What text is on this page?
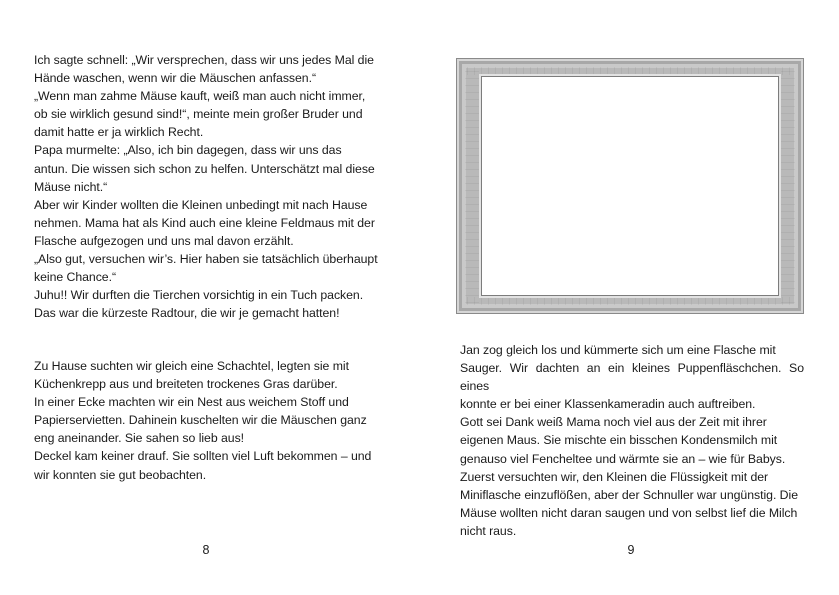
Ich sagte schnell: „Wir versprechen, dass wir uns jedes Mal die

Hände waschen, wenn wir die Mäuschen anfassen.“

„Wenn man zahme Mäuse kauft, weiß man auch nicht immer,

ob sie wirklich gesund sind!“, meinte mein großer Bruder und

damit hatte er ja wirklich Recht.

Papa murmelte: „Also, ich bin dagegen, dass wir uns das

antun. Die wissen sich schon zu helfen. Unterschätzt mal diese

Mäuse nicht.“

Aber wir Kinder wollten die Kleinen unbedingt mit nach Hause

nehmen. Mama hat als Kind auch eine kleine Feldmaus mit der

Flasche aufgezogen und uns mal davon erzählt.

„Also gut, versuchen wir’s. Hier haben sie tatsächlich überhaupt

keine Chance.“

Juhu!! Wir durften die Tierchen vorsichtig in ein Tuch packen.

Das war die kürzeste Radtour, die wir je gemacht hatten!

Zu Hause suchten wir gleich eine Schachtel, legten sie mit

Küchenkrepp aus und breiteten trockenes Gras darüber.

In einer Ecke machten wir ein Nest aus weichem Stoff und

Papierservietten. Dahinein kuschelten wir die Mäuschen ganz

eng aneinander. Sie sahen so lieb aus!

Deckel kam keiner drauf. Sie sollten viel Luft bekommen – und

wir konnten sie gut beobachten.

8

Jan zog gleich los und kümmerte sich um eine Flasche mit

Sauger. Wir dachten an ein kleines Puppenfläschchen. So eines

konnte er bei einer Klassenkameradin auch auftreiben.

Gott sei Dank weiß Mama noch viel aus der Zeit mit ihrer

eigenen Maus. Sie mischte ein bisschen Kondensmilch mit

genauso viel Fencheltee und wärmte sie an – wie für Babys.

Zuerst versuchten wir, den Kleinen die Flüssigkeit mit der

Miniflasche einzuflößen, aber der Schnuller war ungünstig. Die

Mäuse wollten nicht daran saugen und von selbst lief die Milch

nicht raus.

9
